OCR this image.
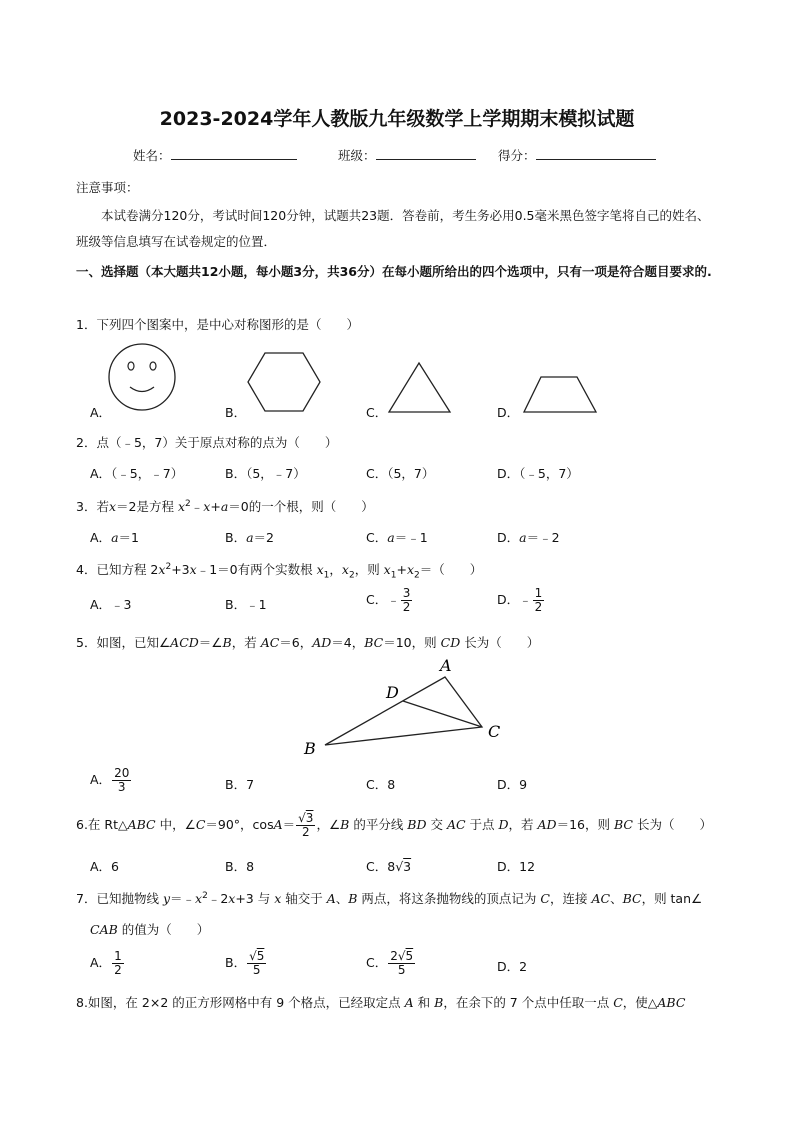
2023-2024学年人教版九年级数学上学期期末模拟试题
姓名：	班级：	得分：
注意事项：
本试卷满分120分，考试时间120分钟，试题共23题．答卷前，考生务必用0.5毫米黑色签字笔将自己的姓名、班级等信息填写在试卷规定的位置．
一、选择题（本大题共12小题，每小题3分，共36分）在每小题所给出的四个选项中，只有一项是符合题目要求的.
1．下列四个图案中，是中心对称图形的是（　　）
A．	B．	C．	D．
2．点（﹣5，7）关于原点对称的点为（　　）
A．（﹣5，﹣7）	B．（5，﹣7）	C．（5，7）	D．（﹣5，7）
3．若x＝2是方程 $x^2﹣x+a=0$的一个根，则（　　）
A．a＝1	B．a＝2	C．a＝﹣1	D．a＝﹣2
4．已知方程 $2x^2+3x﹣1=0$有两个实数根 $x_1$，$x_2$，则 $x_1+x_2=$（　　）
A．﹣3	B．﹣1	C．﹣ $\frac{3}{2}$	D．﹣ $\frac{1}{2}$
5．如图，已知∠ACD＝∠B，若 AC＝6，AD＝4，BC＝10，则 CD 长为（　　）
A
D
C
B
A． $\frac{20}{3}$	B．7	C．8	D．9
6.在 Rt△ABC 中，∠C＝90°，$\cos A= \frac{√3}{2}$ ，∠B 的平分线 BD 交 AC 于点 D，若 AD＝16，则 BC 长为（　　）
A．6	B．8	C．8√3	D．12
7．已知抛物线 $y=﹣x^2﹣2x+3$ 与 x 轴交于 A、B 两点，将这条抛物线的顶点记为 C，连接 AC、BC，则 tan∠
CAB 的值为（　　）
A． $\frac{1}{2}$	B． $\frac{√5}{5}$	C． $\frac{2√5}{5}$	D．2
8.如图，在 2×2 的正方形网格中有 9 个格点，已经取定点 A 和 B，在余下的 7 个点中任取一点 C，使△ABC
